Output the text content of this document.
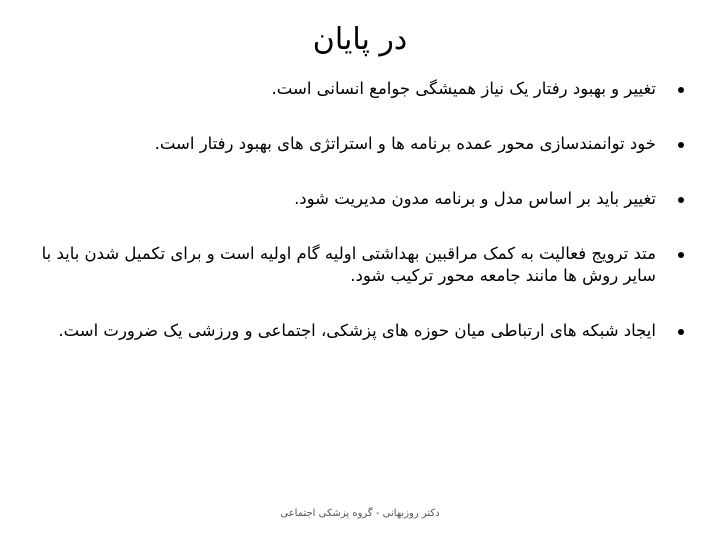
در پایان
تغییر و بهبود رفتار یک نیاز همیشگی جوامع انسانی است.
خود توانمندسازی محور عمده برنامه ها و استراتژی های بهبود رفتار است.
تغییر باید بر اساس مدل و برنامه مدون مدیریت شود.
متد ترویج فعالیت به کمک مراقبین بهداشتی اولیه گام اولیه است و برای تکمیل شدن باید با سایر روش ها مانند جامعه محور ترکیب شود.
ایجاد شبکه های ارتباطی میان حوزه های پزشکی، اجتماعی و ورزشی یک ضرورت است.
دکتر روزبهانی - گروه پزشکی اجتماعی
